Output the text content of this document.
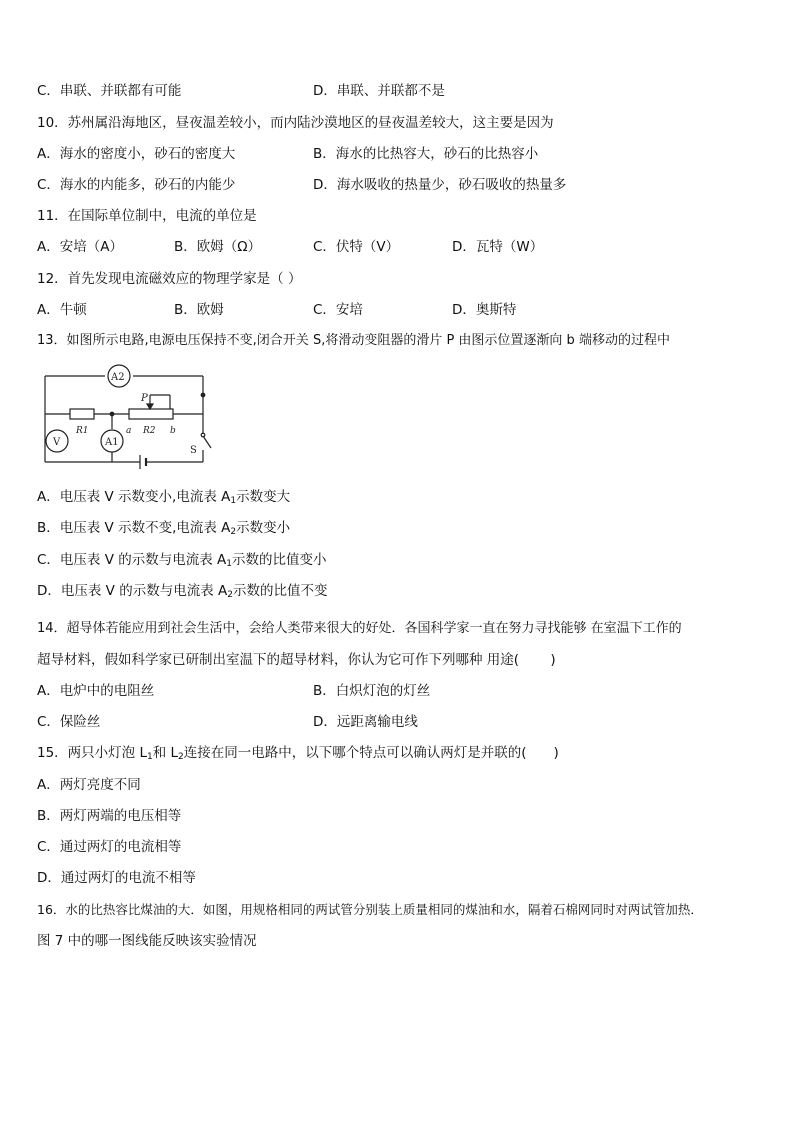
C．串联、并联都有可能	D．串联、并联都不是
10．苏州属沿海地区，昼夜温差较小，而内陆沙漠地区的昼夜温差较大，这主要是因为
A．海水的密度小，砂石的密度大	B．海水的比热容大，砂石的比热容小
C．海水的内能多，砂石的内能少	D．海水吸收的热量少，砂石吸收的热量多
11．在国际单位制中，电流的单位是
A．安培（A）	B．欧姆（Ω）	C．伏特（V）	D．瓦特（W）
12．首先发现电流磁效应的物理学家是（ ）
A．牛顿	B．欧姆	C．安培	D．奥斯特
13．如图所示电路,电源电压保持不变,闭合开关 S,将滑动变阻器的滑片 P 由图示位置逐渐向 b 端移动的过程中
A2
V
R1
A1
R2
a	b
P
S
A．电压表 V 示数变小,电流表 $A_1$示数变大
B．电压表 V 示数不变,电流表 $A_2$示数变小
C．电压表 V 的示数与电流表 $A_1$示数的比值变小
D．电压表 V 的示数与电流表 $A_2$示数的比值不变
14．超导体若能应用到社会生活中，会给人类带来很大的好处．各国科学家一直在努力寻找能够 在室温下工作的
超导材料，假如科学家已研制出室温下的超导材料，你认为它可作下列哪种 用途(　　 )
A．电炉中的电阻丝	B．白炽灯泡的灯丝
C．保险丝	D．远距离输电线
15．两只小灯泡 $L_1$和 $L_2$连接在同一电路中，以下哪个特点可以确认两灯是并联的(　　)
A．两灯亮度不同
B．两灯两端的电压相等
C．通过两灯的电流相等
D．通过两灯的电流不相等
16．水的比热容比煤油的大．如图，用规格相同的两试管分别装上质量相同的煤油和水，隔着石棉网同时对两试管加热．
图 7 中的哪一图线能反映该实验情况
